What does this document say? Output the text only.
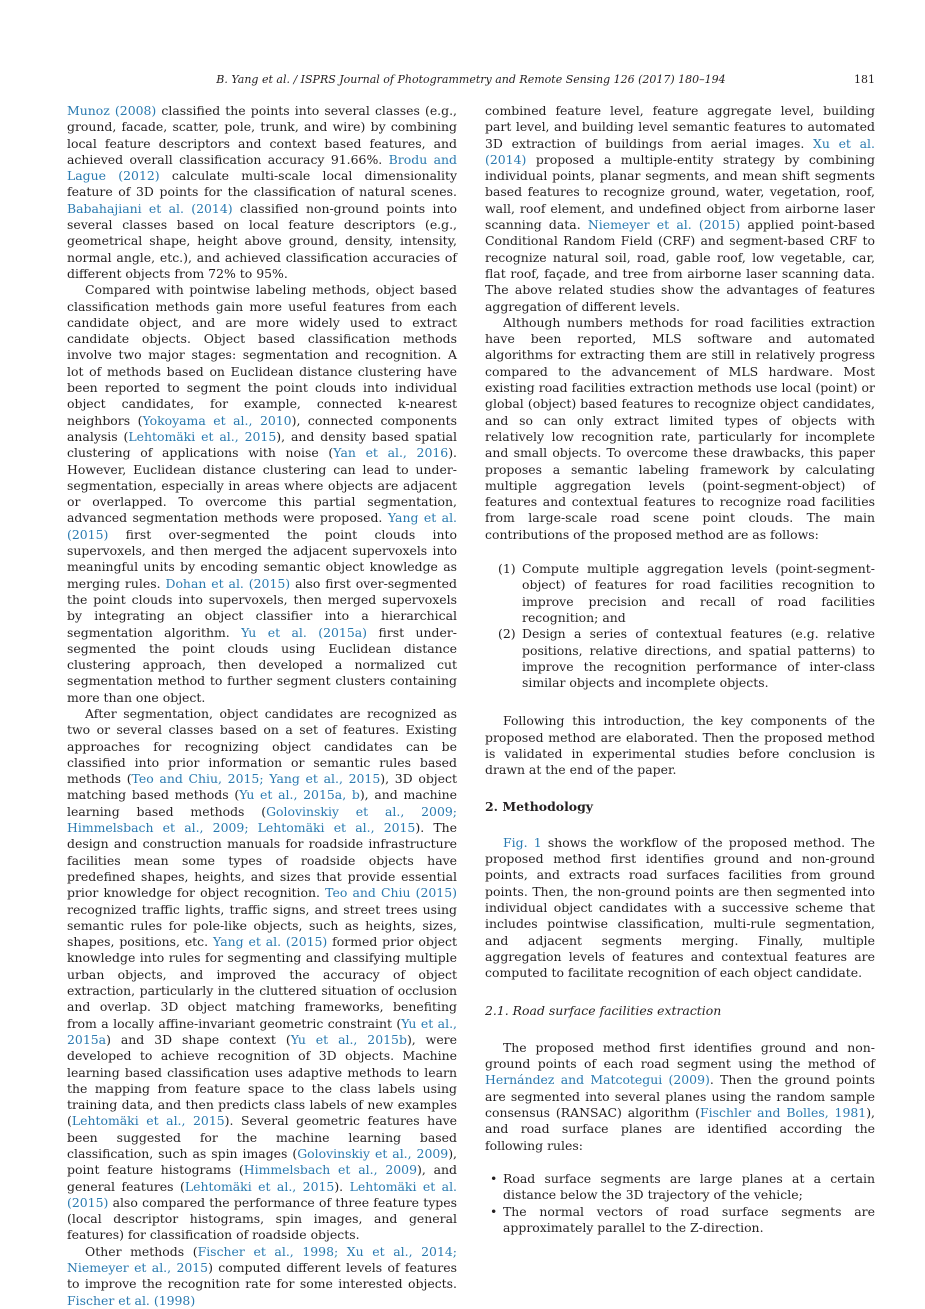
B. Yang et al. / ISPRS Journal of Photogrammetry and Remote Sensing 126 (2017) 180–194	181

Munoz (2008) classified the points into several classes (e.g., ground, facade, scatter, pole, trunk, and wire) by combining local feature descriptors and context based features, and achieved overall classification accuracy 91.66%. Brodu and Lague (2012) calculate multi-scale local dimensionality feature of 3D points for the classification of natural scenes. Babahajiani et al. (2014) classified non-ground points into several classes based on local feature descriptors (e.g., geometrical shape, height above ground, density, intensity, normal angle, etc.), and achieved classification accuracies of different objects from 72% to 95%.

Compared with pointwise labeling methods, object based classification methods gain more useful features from each candidate object, and are more widely used to extract candidate objects. Object based classification methods involve two major stages: segmentation and recognition. A lot of methods based on Euclidean distance clustering have been reported to segment the point clouds into individual object candidates, for example, connected k-nearest neighbors (Yokoyama et al., 2010), connected components analysis (Lehtomäki et al., 2015), and density based spatial clustering of applications with noise (Yan et al., 2016). However, Euclidean distance clustering can lead to under-segmentation, especially in areas where objects are adjacent or overlapped. To overcome this partial segmentation, advanced segmentation methods were proposed. Yang et al. (2015) first over-segmented the point clouds into supervoxels, and then merged the adjacent supervoxels into meaningful units by encoding semantic object knowledge as merging rules. Dohan et al. (2015) also first over-segmented the point clouds into supervoxels, then merged supervoxels by integrating an object classifier into a hierarchical segmentation algorithm. Yu et al. (2015a) first under-segmented the point clouds using Euclidean distance clustering approach, then developed a normalized cut segmentation method to further segment clusters containing more than one object.

After segmentation, object candidates are recognized as two or several classes based on a set of features. Existing approaches for recognizing object candidates can be classified into prior information or semantic rules based methods (Teo and Chiu, 2015; Yang et al., 2015), 3D object matching based methods (Yu et al., 2015a, b), and machine learning based methods (Golovinskiy et al., 2009; Himmelsbach et al., 2009; Lehtomäki et al., 2015). The design and construction manuals for roadside infrastructure facilities mean some types of roadside objects have predefined shapes, heights, and sizes that provide essential prior knowledge for object recognition. Teo and Chiu (2015) recognized traffic lights, traffic signs, and street trees using semantic rules for pole-like objects, such as heights, sizes, shapes, positions, etc. Yang et al. (2015) formed prior object knowledge into rules for segmenting and classifying multiple urban objects, and improved the accuracy of object extraction, particularly in the cluttered situation of occlusion and overlap. 3D object matching frameworks, benefiting from a locally affine-invariant geometric constraint (Yu et al., 2015a) and 3D shape context (Yu et al., 2015b), were developed to achieve recognition of 3D objects. Machine learning based classification uses adaptive methods to learn the mapping from feature space to the class labels using training data, and then predicts class labels of new examples (Lehtomäki et al., 2015). Several geometric features have been suggested for the machine learning based classification, such as spin images (Golovinskiy et al., 2009), point feature histograms (Himmelsbach et al., 2009), and general features (Lehtomäki et al., 2015). Lehtomäki et al. (2015) also compared the performance of three feature types (local descriptor histograms, spin images, and general features) for classification of roadside objects.

Other methods (Fischer et al., 1998; Xu et al., 2014; Niemeyer et al., 2015) computed different levels of features to improve the recognition rate for some interested objects. Fischer et al. (1998)

combined feature level, feature aggregate level, building part level, and building level semantic features to automated 3D extraction of buildings from aerial images. Xu et al. (2014) proposed a multiple-entity strategy by combining individual points, planar segments, and mean shift segments based features to recognize ground, water, vegetation, roof, wall, roof element, and undefined object from airborne laser scanning data. Niemeyer et al. (2015) applied point-based Conditional Random Field (CRF) and segment-based CRF to recognize natural soil, road, gable roof, low vegetable, car, flat roof, façade, and tree from airborne laser scanning data. The above related studies show the advantages of features aggregation of different levels.

Although numbers methods for road facilities extraction have been reported, MLS software and automated algorithms for extracting them are still in relatively progress compared to the advancement of MLS hardware. Most existing road facilities extraction methods use local (point) or global (object) based features to recognize object candidates, and so can only extract limited types of objects with relatively low recognition rate, particularly for incomplete and small objects. To overcome these drawbacks, this paper proposes a semantic labeling framework by calculating multiple aggregation levels (point-segment-object) of features and contextual features to recognize road facilities from large-scale road scene point clouds. The main contributions of the proposed method are as follows:

(1) Compute multiple aggregation levels (point-segment-object) of features for road facilities recognition to improve precision and recall of road facilities recognition; and
(2) Design a series of contextual features (e.g. relative positions, relative directions, and spatial patterns) to improve the recognition performance of inter-class similar objects and incomplete objects.

Following this introduction, the key components of the proposed method are elaborated. Then the proposed method is validated in experimental studies before conclusion is drawn at the end of the paper.

2. Methodology

Fig. 1 shows the workflow of the proposed method. The proposed method first identifies ground and non-ground points, and extracts road surfaces facilities from ground points. Then, the non-ground points are then segmented into individual object candidates with a successive scheme that includes pointwise classification, multi-rule segmentation, and adjacent segments merging. Finally, multiple aggregation levels of features and contextual features are computed to facilitate recognition of each object candidate.

2.1. Road surface facilities extraction

The proposed method first identifies ground and non-ground points of each road segment using the method of Hernández and Matcotegui (2009). Then the ground points are segmented into several planes using the random sample consensus (RANSAC) algorithm (Fischler and Bolles, 1981), and road surface planes are identified according the following rules:

• Road surface segments are large planes at a certain distance below the 3D trajectory of the vehicle;
• The normal vectors of road surface segments are approximately parallel to the Z-direction.
